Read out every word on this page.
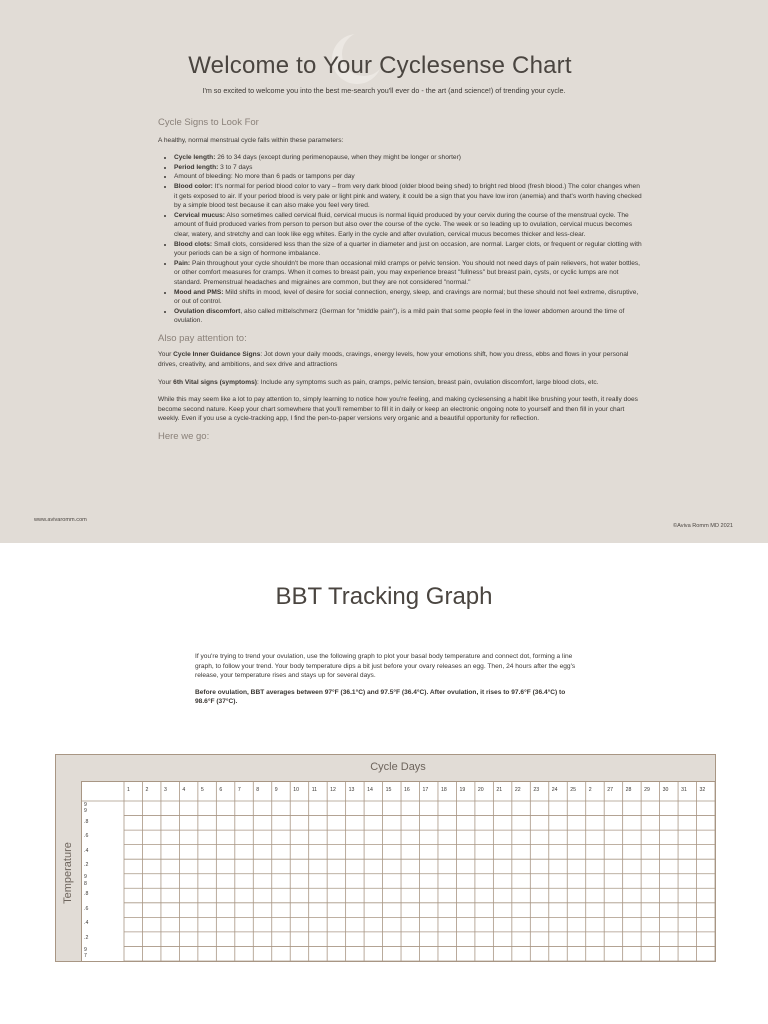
Welcome to Your Cyclesense Chart

I'm so excited to welcome you into the best me-search you'll ever do - the art (and science!) of trending your cycle.

Cycle Signs to Look For

A healthy, normal menstrual cycle falls within these parameters:

• Cycle length: 26 to 34 days (except during perimenopause, when they might be longer or shorter)
• Period length: 3 to 7 days
• Amount of bleeding: No more than 6 pads or tampons per day
• Blood color: It's normal for period blood color to vary – from very dark blood (older blood being shed) to bright red blood (fresh blood.) The color changes when it gets exposed to air. If your period blood is very pale or light pink and watery, it could be a sign that you have low iron (anemia) and that's worth having checked by a simple blood test because it can also make you feel very tired.
• Cervical mucus: Also sometimes called cervical fluid, cervical mucus is normal liquid produced by your cervix during the course of the menstrual cycle. The amount of fluid produced varies from person to person but also over the course of the cycle. The week or so leading up to ovulation, cervical mucus becomes clear, watery, and stretchy and can look like egg whites. Early in the cycle and after ovulation, cervical mucus becomes thicker and less-clear.
• Blood clots: Small clots, considered less than the size of a quarter in diameter and just on occasion, are normal. Larger clots, or frequent or regular clotting with your periods can be a sign of hormone imbalance.
• Pain: Pain throughout your cycle shouldn't be more than occasional mild cramps or pelvic tension. You should not need days of pain relievers, hot water bottles, or other comfort measures for cramps. When it comes to breast pain, you may experience breast "fullness" but breast pain, cysts, or cyclic lumps are not standard. Premenstrual headaches and migraines are common, but they are not considered "normal."
• Mood and PMS: Mild shifts in mood, level of desire for social connection, energy, sleep, and cravings are normal; but these should not feel extreme, disruptive, or out of control.
• Ovulation discomfort, also called mittelschmerz (German for "middle pain"), is a mild pain that some people feel in the lower abdomen around the time of ovulation.
Also pay attention to:

Your Cycle Inner Guidance Signs: Jot down your daily moods, cravings, energy levels, how your emotions shift, how you dress, ebbs and flows in your personal drives, creativity, and ambitions, and sex drive and attractions

Your 6th Vital signs (symptoms): Include any symptoms such as pain, cramps, pelvic tension, breast pain, ovulation discomfort, large blood clots, etc.

While this may seem like a lot to pay attention to, simply learning to notice how you're feeling, and making cyclesensing a habit like brushing your teeth, it really does become second nature. Keep your chart somewhere that you'll remember to fill it in daily or keep an electronic ongoing note to yourself and then fill in your chart weekly. Even if you use a cycle-tracking app, I find the pen-to-paper versions very organic and a beautiful opportunity for reflection.

Here we go:
www.avivaromm.com
©Aviva Romm MD 2021
BBT Tracking Graph

If you're trying to trend your ovulation, use the following graph to plot your basal body temperature and connect dot, forming a line graph, to follow your trend. Your body temperature dips a bit just before your ovary releases an egg. Then, 24 hours after the egg's release, your temperature rises and stays up for several days.

Before ovulation, BBT averages between 97°F (36.1°C) and 97.5°F (36.4°C). After ovulation, it rises to 97.6°F (36.4°C) to 98.6°F (37°C).

Temperature
Cycle Days
1	2	3	4	5	6	7	8	9	10 11	12 13 14 15 16 17 18 19 20 21 22 23 24 25 2	27 28 29 30 31 32
9
9
.8
.6
.4
.2
9
8
.8
.6
.4
.2
9
7
